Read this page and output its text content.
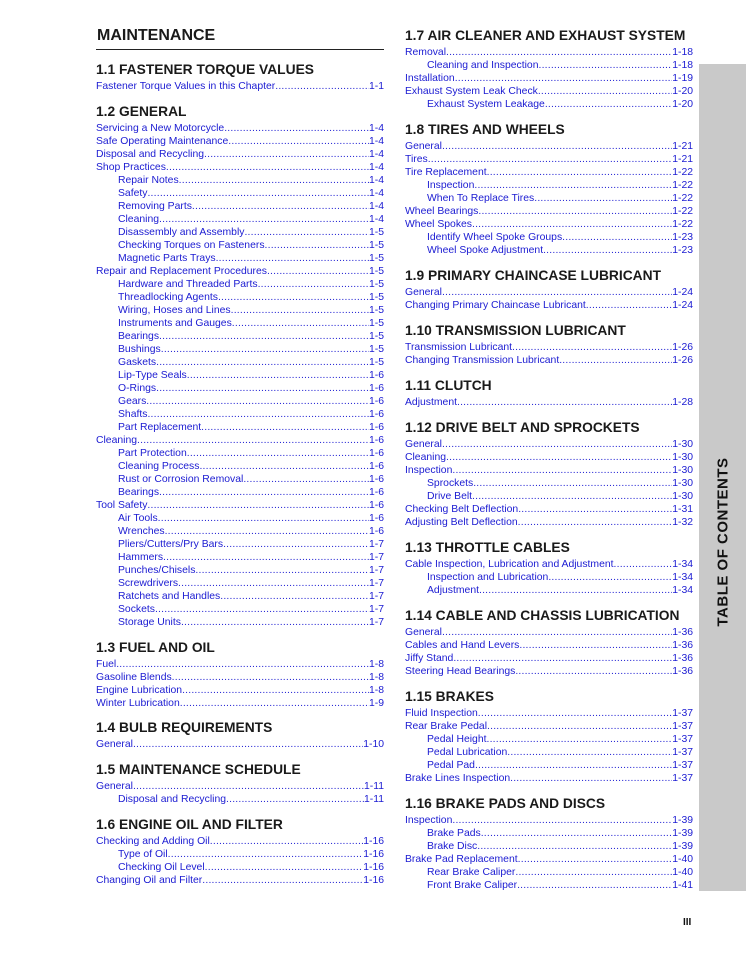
MAINTENANCE
1.1 FASTENER TORQUE VALUES
Fastener Torque Values in this Chapter .....	1-1
1.2 GENERAL
Servicing a New Motorcycle .....	1-4
Safe Operating Maintenance .....	1-4
Disposal and Recycling .....	1-4
Shop Practices .....	1-4
Repair Notes .....	1-4
Safety .....	1-4
Removing Parts .....	1-4
Cleaning .....	1-4
Disassembly and Assembly .....	1-5
Checking Torques on Fasteners .....	1-5
Magnetic Parts Trays .....	1-5
Repair and Replacement Procedures .....	1-5
Hardware and Threaded Parts .....	1-5
Threadlocking Agents .....	1-5
Wiring, Hoses and Lines .....	1-5
Instruments and Gauges .....	1-5
Bearings .....	1-5
Bushings .....	1-5
Gaskets .....	1-5
Lip-Type Seals .....	1-6
O-Rings .....	1-6
Gears .....	1-6
Shafts .....	1-6
Part Replacement .....	1-6
Cleaning .....	1-6
Part Protection .....	1-6
Cleaning Process .....	1-6
Rust or Corrosion Removal .....	1-6
Bearings .....	1-6
Tool Safety .....	1-6
Air Tools .....	1-6
Wrenches .....	1-6
Pliers/Cutters/Pry Bars .....	1-7
Hammers .....	1-7
Punches/Chisels .....	1-7
Screwdrivers .....	1-7
Ratchets and Handles .....	1-7
Sockets .....	1-7
Storage Units .....	1-7
1.3 FUEL AND OIL
Fuel .....	1-8
Gasoline Blends .....	1-8
Engine Lubrication .....	1-8
Winter Lubrication .....	1-9
1.4 BULB REQUIREMENTS
General .....	1-10
1.5 MAINTENANCE SCHEDULE
General .....	1-11
Disposal and Recycling .....	1-11
1.6 ENGINE OIL AND FILTER
Checking and Adding Oil .....	1-16
Type of Oil .....	1-16
Checking Oil Level .....	1-16
Changing Oil and Filter .....	1-16
1.7 AIR CLEANER AND EXHAUST SYSTEM
Removal .....	1-18
Cleaning and Inspection .....	1-18
Installation .....	1-19
Exhaust System Leak Check .....	1-20
Exhaust System Leakage .....	1-20
1.8 TIRES AND WHEELS
General .....	1-21
Tires .....	1-21
Tire Replacement .....	1-22
Inspection .....	1-22
When To Replace Tires .....	1-22
Wheel Bearings .....	1-22
Wheel Spokes .....	1-22
Identify Wheel Spoke Groups .....	1-23
Wheel Spoke Adjustment .....	1-23
1.9 PRIMARY CHAINCASE LUBRICANT
General .....	1-24
Changing Primary Chaincase Lubricant .....	1-24
1.10 TRANSMISSION LUBRICANT
Transmission Lubricant .....	1-26
Changing Transmission Lubricant .....	1-26
1.11 CLUTCH
Adjustment .....	1-28
1.12 DRIVE BELT AND SPROCKETS
General .....	1-30
Cleaning .....	1-30
Inspection .....	1-30
Sprockets .....	1-30
Drive Belt .....	1-30
Checking Belt Deflection .....	1-31
Adjusting Belt Deflection .....	1-32
1.13 THROTTLE CABLES
Cable Inspection, Lubrication and Adjustment .....	1-34
Inspection and Lubrication .....	1-34
Adjustment .....	1-34
1.14 CABLE AND CHASSIS LUBRICATION
General .....	1-36
Cables and Hand Levers .....	1-36
Jiffy Stand .....	1-36
Steering Head Bearings .....	1-36
1.15 BRAKES
Fluid Inspection .....	1-37
Rear Brake Pedal .....	1-37
Pedal Height .....	1-37
Pedal Lubrication .....	1-37
Pedal Pad .....	1-37
Brake Lines Inspection .....	1-37
1.16 BRAKE PADS AND DISCS
Inspection .....	1-39
Brake Pads .....	1-39
Brake Disc .....	1-39
Brake Pad Replacement .....	1-40
Rear Brake Caliper .....	1-40
Front Brake Caliper .....	1-41
TABLE OF CONTENTS
III
